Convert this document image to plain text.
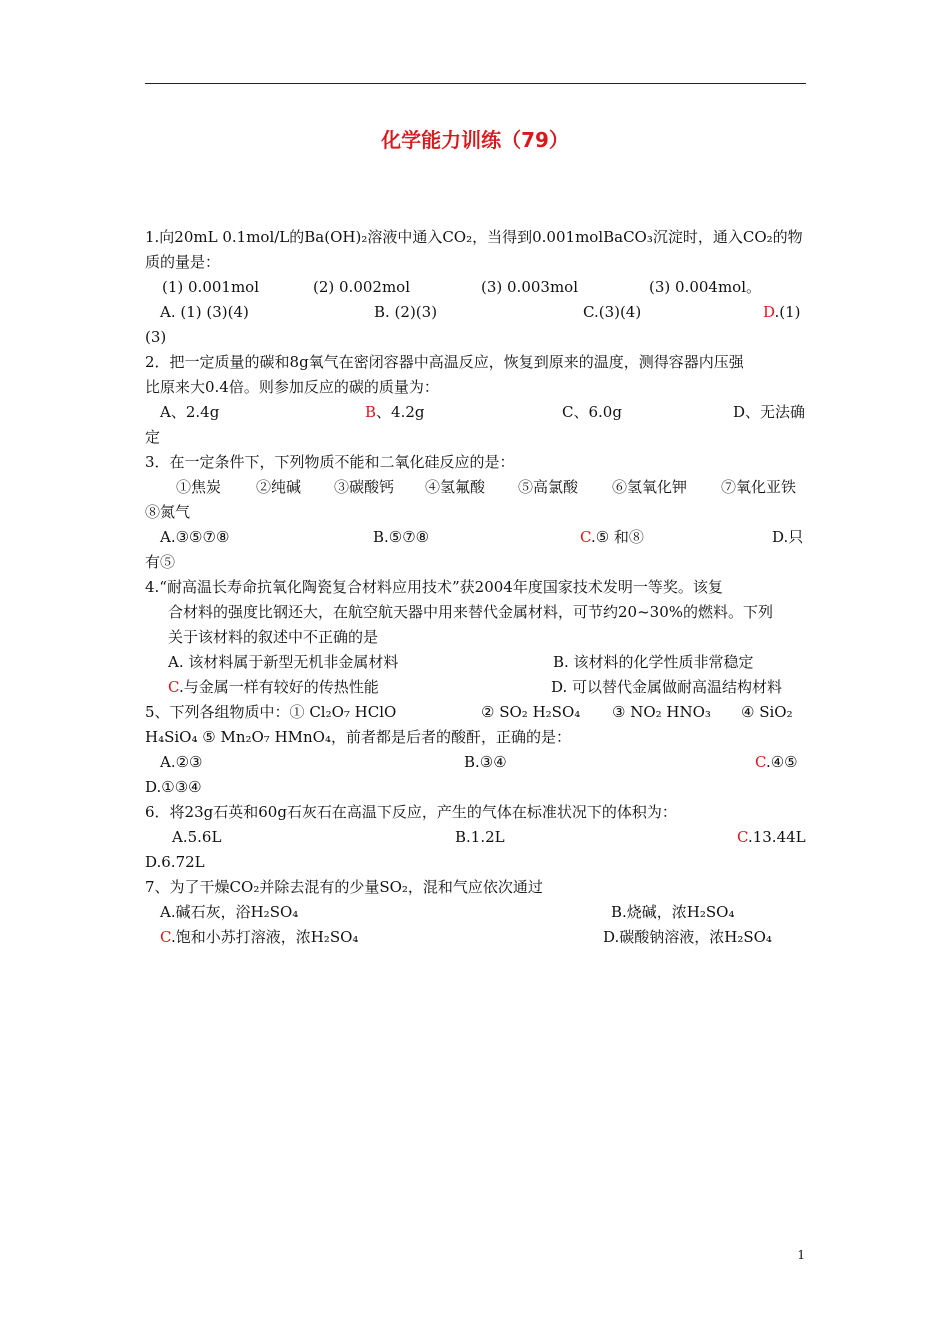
化学能力训练（79）
1.向20mL 0.1mol/L的Ba(OH)₂溶液中通入CO₂，当得到0.001molBaCO₃沉淀时，通入CO₂的物
质的量是：
(1) 0.001mol	(2) 0.002mol	(3) 0.003mol	(3) 0.004mol。
A. (1) (3)(4)	B. (2)(3)	C.(3)(4)	D.(1)
(3)
2．把一定质量的碳和8g氧气在密闭容器中高温反应，恢复到原来的温度，测得容器内压强
比原来大0.4倍。则参加反应的碳的质量为：
A、2.4g	B、4.2g	C、6.0g	D、无法确
定
3．在一定条件下，下列物质不能和二氧化硅反应的是：
①焦炭 ②纯碱 ③碳酸钙 ④氢氟酸 ⑤高氯酸 ⑥氢氧化钾 ⑦氧化亚铁
⑧氮气
A.③⑤⑦⑧	B.⑤⑦⑧	C.⑤ 和⑧	D.只
有⑤
4.“耐高温长寿命抗氧化陶瓷复合材料应用技术”获2004年度国家技术发明一等奖。该复
合材料的强度比钢还大，在航空航天器中用来替代金属材料，可节约20~30%的燃料。下列
关于该材料的叙述中不正确的是
A. 该材料属于新型无机非金属材料	B. 该材料的化学性质非常稳定
C.与金属一样有较好的传热性能	D. 可以替代金属做耐高温结构材料
5、下列各组物质中：① Cl₂O₇ HClO	② SO₂ H₂SO₄ ③ NO₂ HNO₃ ④ SiO₂
H₄SiO₄ ⑤ Mn₂O₇ HMnO₄，前者都是后者的酸酐，正确的是：
A.②③	B.③④	C.④⑤
D.①③④
6．将23g石英和60g石灰石在高温下反应，产生的气体在标准状况下的体积为：
A.5.6L	B.1.2L	C.13.44L
D.6.72L
7、为了干燥CO₂并除去混有的少量SO₂，混和气应依次通过
A.碱石灰，浴H₂SO₄	B.烧碱，浓H₂SO₄
C.饱和小苏打溶液，浓H₂SO₄	D.碳酸钠溶液，浓H₂SO₄
1
